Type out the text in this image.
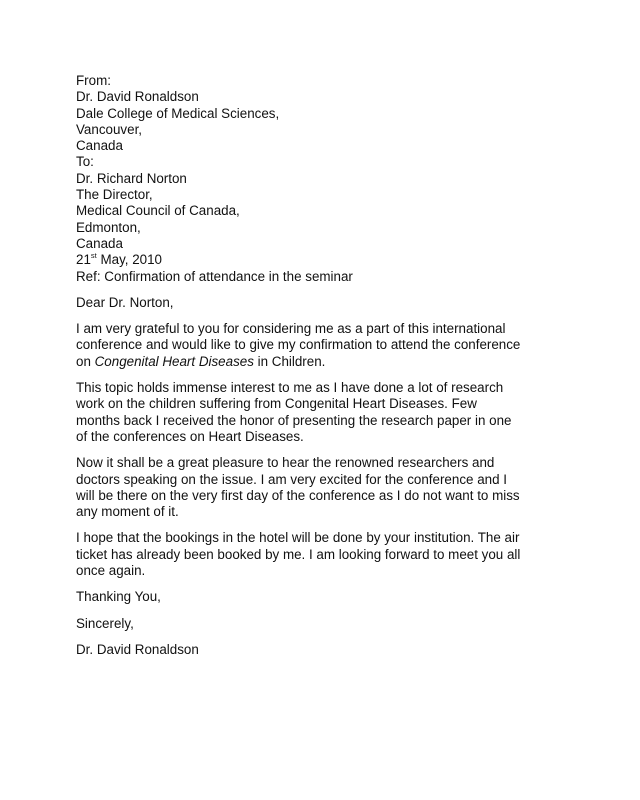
From:
Dr. David Ronaldson
Dale College of Medical Sciences,
Vancouver,
Canada
To:
Dr. Richard Norton
The Director,
Medical Council of Canada,
Edmonton,
Canada
21st May, 2010
Ref: Confirmation of attendance in the seminar

Dear Dr. Norton,

I am very grateful to you for considering me as a part of this international
conference and would like to give my confirmation to attend the conference
on Congenital Heart Diseases in Children.

This topic holds immense interest to me as I have done a lot of research
work on the children suffering from Congenital Heart Diseases. Few
months back I received the honor of presenting the research paper in one
of the conferences on Heart Diseases.

Now it shall be a great pleasure to hear the renowned researchers and
doctors speaking on the issue. I am very excited for the conference and I
will be there on the very first day of the conference as I do not want to miss
any moment of it.

I hope that the bookings in the hotel will be done by your institution. The air
ticket has already been booked by me. I am looking forward to meet you all
once again.

Thanking You,

Sincerely,

Dr. David Ronaldson
